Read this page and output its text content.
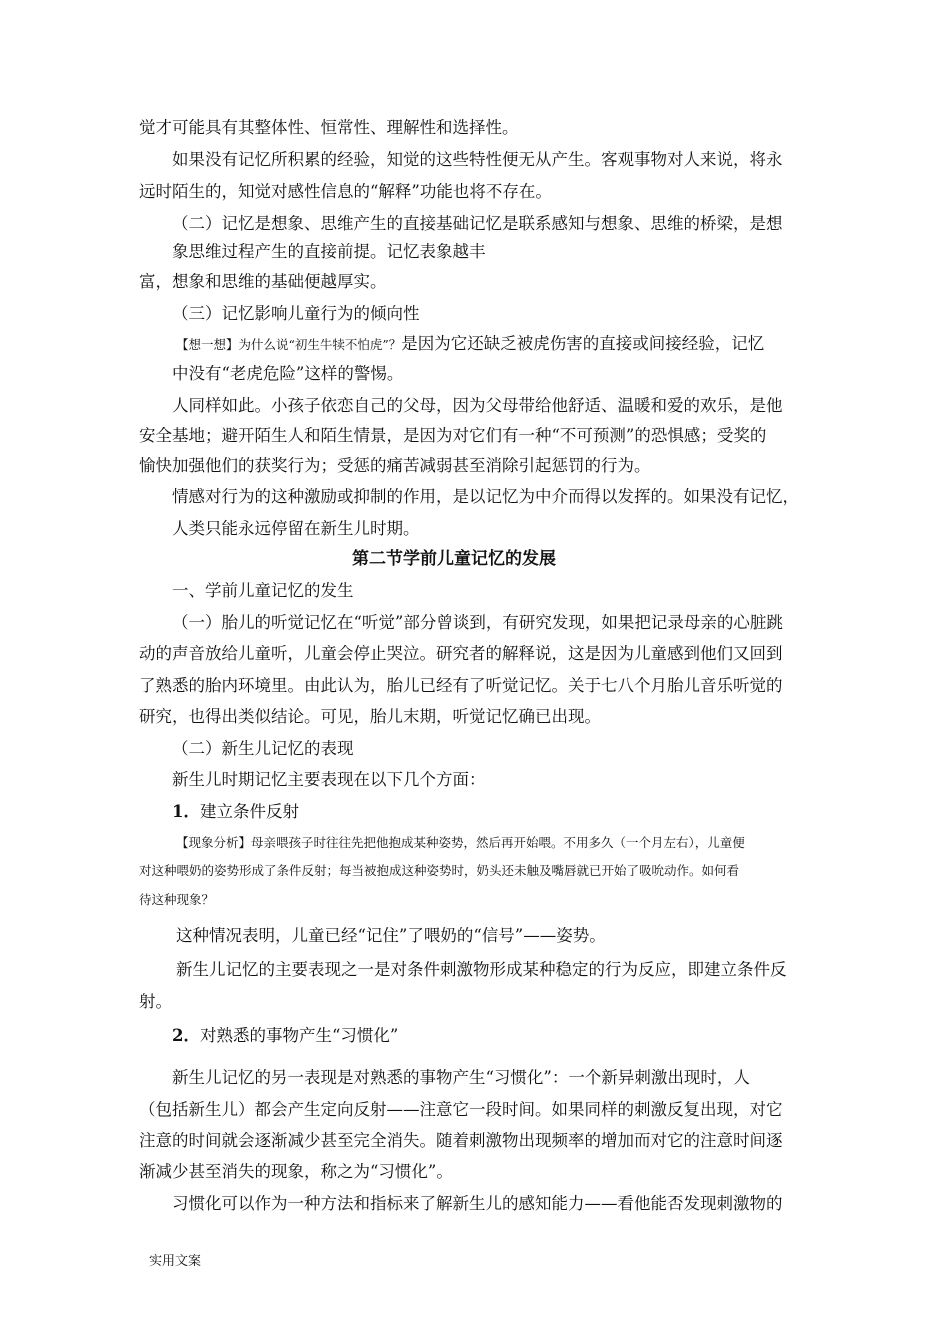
觉才可能具有其整体性、恒常性、理解性和选择性。
如果没有记忆所积累的经验，知觉的这些特性便无从产生。客观事物对人来说，将永
远时陌生的，知觉对感性信息的“解释”功能也将不存在。
（二）记忆是想象、思维产生的直接基础记忆是联系感知与想象、思维的桥梁，是想
象思维过程产生的直接前提。记忆表象越丰
富，想象和思维的基础便越厚实。
（三）记忆影响儿童行为的倾向性
【想一想】为什么说“初生牛犊不怕虎”？是因为它还缺乏被虎伤害的直接或间接经验，记忆
中没有“老虎危险”这样的警惕。
人同样如此。小孩子依恋自己的父母，因为父母带给他舒适、温暖和爱的欢乐，是他
安全基地；避开陌生人和陌生情景，是因为对它们有一种“不可预测”的恐惧感；受奖的
愉快加强他们的获奖行为；受惩的痛苦减弱甚至消除引起惩罚的行为。
情感对行为的这种激励或抑制的作用，是以记忆为中介而得以发挥的。如果没有记忆，
人类只能永远停留在新生儿时期。
第二节学前儿童记忆的发展
一、学前儿童记忆的发生
（一）胎儿的听觉记忆在“听觉”部分曾谈到，有研究发现，如果把记录母亲的心脏跳
动的声音放给儿童听，儿童会停止哭泣。研究者的解释说，这是因为儿童感到他们又回到
了熟悉的胎内环境里。由此认为，胎儿已经有了听觉记忆。关于七八个月胎儿音乐听觉的
研究，也得出类似结论。可见，胎儿末期，听觉记忆确已出现。
（二）新生儿记忆的表现
新生儿时期记忆主要表现在以下几个方面：
1．建立条件反射
【现象分析】母亲喂孩子时往往先把他抱成某种姿势，然后再开始喂。不用多久（一个月左右），儿童便
对这种喂奶的姿势形成了条件反射；每当被抱成这种姿势时，奶头还未触及嘴唇就已开始了吸吮动作。如何看
待这种现象？
这种情况表明，儿童已经“记住”了喂奶的“信号”——姿势。
新生儿记忆的主要表现之一是对条件刺激物形成某种稳定的行为反应，即建立条件反
射。
2．对熟悉的事物产生“习惯化”
新生儿记忆的另一表现是对熟悉的事物产生“习惯化”：一个新异刺激出现时，人
（包括新生儿）都会产生定向反射——注意它一段时间。如果同样的刺激反复出现，对它
注意的时间就会逐渐减少甚至完全消失。随着刺激物出现频率的增加而对它的注意时间逐
渐减少甚至消失的现象，称之为“习惯化”。
习惯化可以作为一种方法和指标来了解新生儿的感知能力——看他能否发现刺激物的
实用文案
